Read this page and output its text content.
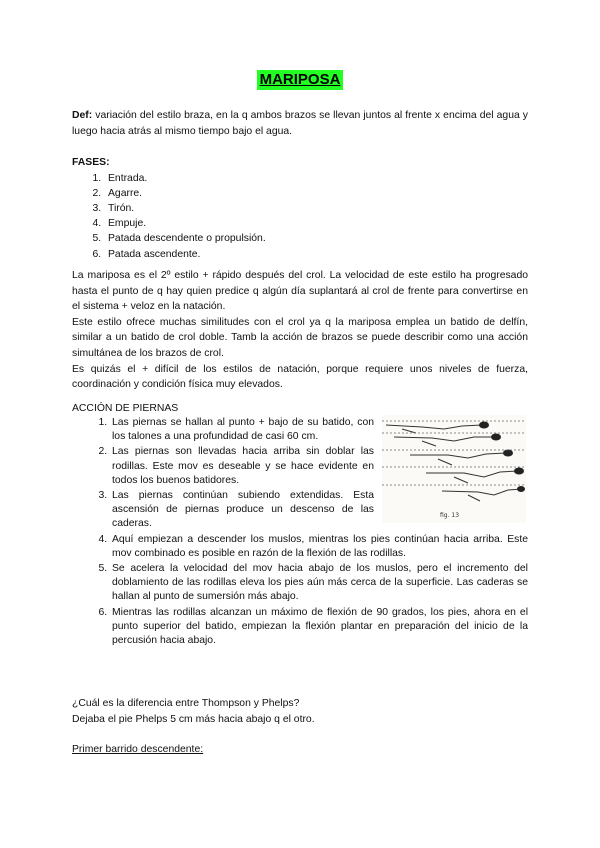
MARIPOSA
Def: variación del estilo braza, en la q ambos brazos se llevan juntos al frente x encima del agua y luego hacia atrás al mismo tiempo bajo el agua.
FASES:
1. Entrada.
2. Agarre.
3. Tirón.
4. Empuje.
5. Patada descendente o propulsión.
6. Patada ascendente.

La mariposa es el 2º estilo + rápido después del crol. La velocidad de este estilo ha progresado hasta el punto de q hay quien predice q algún día suplantará al crol de frente para convertirse en el sistema + veloz en la natación.

Este estilo ofrece muchas similitudes con el crol ya q la mariposa emplea un batido de delfín, similar a un batido de crol doble. Tamb la acción de brazos se puede describir como una acción simultánea de los brazos de crol.

Es quizás el + difícil de los estilos de natación, porque requiere unos niveles de fuerza, coordinación y condición física muy elevados.

ACCIÓN DE PIERNAS
1. Las piernas se hallan al punto + bajo de su batido, con los talones a una profundidad de casi 60 cm.
2. Las piernas son llevadas hacia arriba sin doblar las rodillas. Este mov es deseable y se hace evidente en todos los buenos batidores.
3. Las piernas continúan subiendo extendidas. Esta ascensión de piernas produce un descenso de las caderas.
4. Aquí empiezan a descender los muslos, mientras los pies continúan hacia arriba. Este mov combinado es posible en razón de la flexión de las rodillas.
5. Se acelera la velocidad del mov hacia abajo de los muslos, pero el incremento del doblamiento de las rodillas eleva los pies aún más cerca de la superficie. Las caderas se hallan al punto de sumersión más abajo.
6. Mientras las rodillas alcanzan un máximo de flexión de 90 grados, los pies, ahora en el punto superior del batido, empiezan la flexión plantar en preparación del inicio de la percusión hacia abajo.
fig. 13
¿Cuál es la diferencia entre Thompson y Phelps?
Dejaba el pie Phelps 5 cm más hacia abajo q el otro.
Primer barrido descendente:
